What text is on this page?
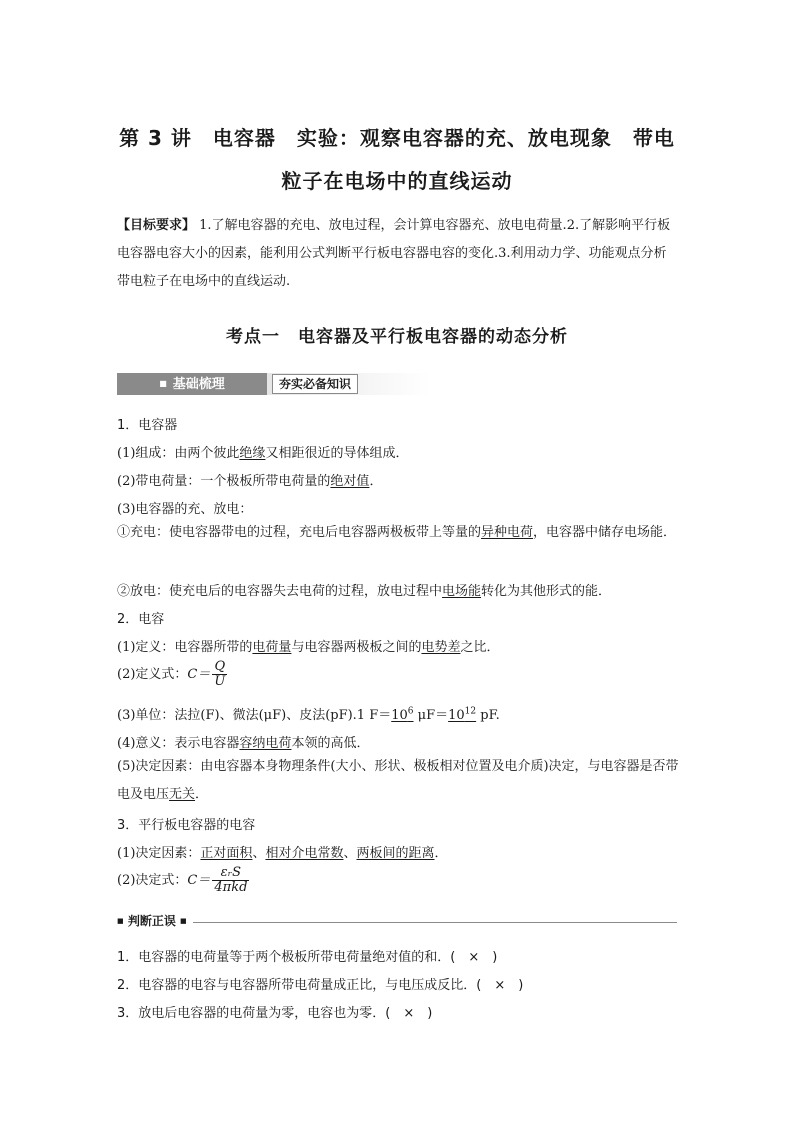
第 3 讲　电容器　实验：观察电容器的充、放电现象　带电
粒子在电场中的直线运动
【目标要求】 1.了解电容器的充电、放电过程，会计算电容器充、放电电荷量.2.了解影响平行板电容器电容大小的因素，能利用公式判断平行板电容器电容的变化.3.利用动力学、功能观点分析带电粒子在电场中的直线运动.
考点一　电容器及平行板电容器的动态分析
■ 基础梳理	夯实必备知识
1．电容器
(1)组成：由两个彼此绝缘又相距很近的导体组成．
(2)带电荷量：一个极板所带电荷量的绝对值．
(3)电容器的充、放电：
①充电：使电容器带电的过程，充电后电容器两极板带上等量的异种电荷，电容器中储存电场能．
②放电：使充电后的电容器失去电荷的过程，放电过程中电场能转化为其他形式的能．
2．电容
(1)定义：电容器所带的电荷量与电容器两极板之间的电势差之比．
(2)定义式：$C= \frac{Q}{U}$
(3)单位：法拉(F)、微法(μF)、皮法(pF).1 $F=10^6$ $\mu F=10^{12}$ pF.
(4)意义：表示电容器容纳电荷本领的高低．
(5)决定因素：由电容器本身物理条件(大小、形状、极板相对位置及电介质)决定，与电容器是否带电及电压无关．
3．平行板电容器的电容
(1)决定因素：正对面积、相对介电常数、两板间的距离．
(2)决定式：$C= \frac{\text{εᵣS}}{\text{4πkd}}$
■ 判断正误 ■
1．电容器的电荷量等于两个极板所带电荷量绝对值的和．(　×　)
2．电容器的电容与电容器所带电荷量成正比，与电压成反比．(　×　)
3．放电后电容器的电荷量为零，电容也为零．(　×　)
